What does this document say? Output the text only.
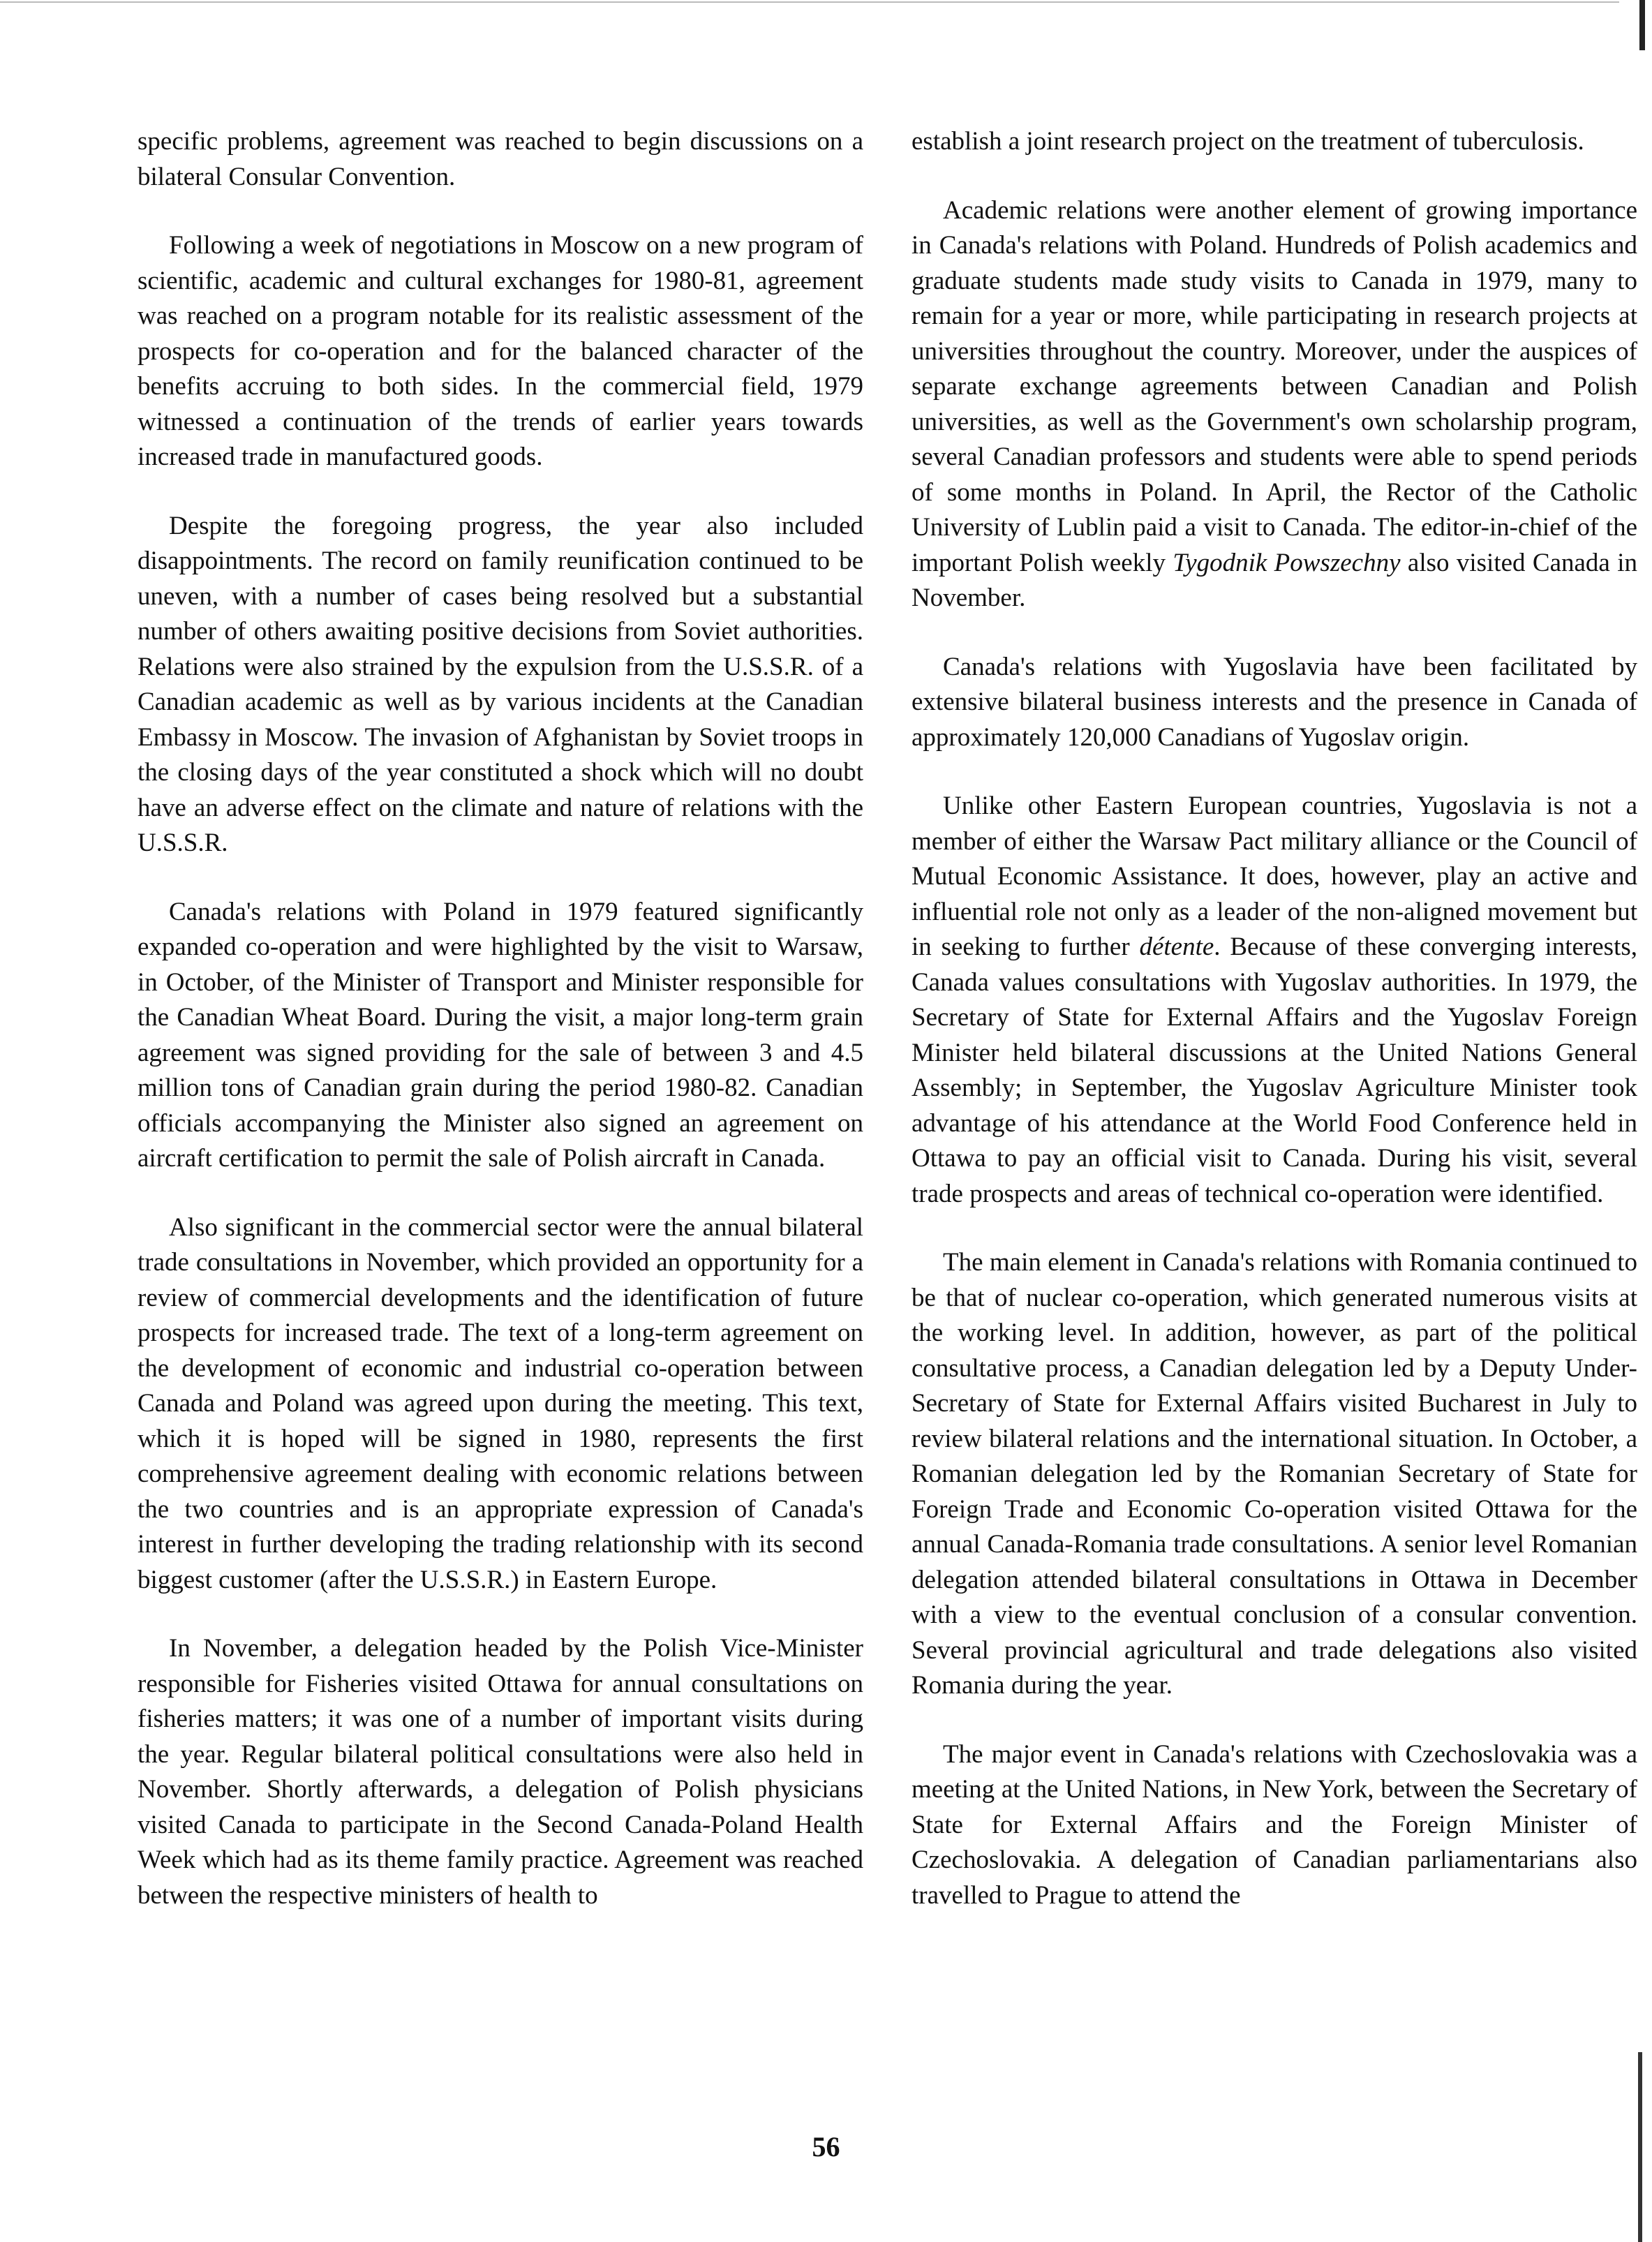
specific problems, agreement was reached to begin discussions on a bilateral Consular Convention.

Following a week of negotiations in Moscow on a new program of scientific, academic and cultural exchanges for 1980-81, agreement was reached on a program notable for its realistic assessment of the prospects for co-operation and for the balanced character of the benefits accruing to both sides. In the commercial field, 1979 witnessed a continuation of the trends of earlier years towards increased trade in manufactured goods.

Despite the foregoing progress, the year also included disappointments. The record on family reunification continued to be uneven, with a number of cases being resolved but a substantial number of others awaiting positive decisions from Soviet authorities. Relations were also strained by the expulsion from the U.S.S.R. of a Canadian academic as well as by various incidents at the Canadian Embassy in Moscow. The invasion of Afghanistan by Soviet troops in the closing days of the year constituted a shock which will no doubt have an adverse effect on the climate and nature of relations with the U.S.S.R.

Canada's relations with Poland in 1979 featured significantly expanded co-operation and were highlighted by the visit to Warsaw, in October, of the Minister of Transport and Minister responsible for the Canadian Wheat Board. During the visit, a major long-term grain agreement was signed providing for the sale of between 3 and 4.5 million tons of Canadian grain during the period 1980-82. Canadian officials accompanying the Minister also signed an agreement on aircraft certification to permit the sale of Polish aircraft in Canada.

Also significant in the commercial sector were the annual bilateral trade consultations in November, which provided an opportunity for a review of commercial developments and the identification of future prospects for increased trade. The text of a long-term agreement on the development of economic and industrial co-operation between Canada and Poland was agreed upon during the meeting. This text, which it is hoped will be signed in 1980, represents the first comprehensive agreement dealing with economic relations between the two countries and is an appropriate expression of Canada's interest in further developing the trading relationship with its second biggest customer (after the U.S.S.R.) in Eastern Europe.

In November, a delegation headed by the Polish Vice-Minister responsible for Fisheries visited Ottawa for annual consultations on fisheries matters; it was one of a number of important visits during the year. Regular bilateral political consultations were also held in November. Shortly afterwards, a delegation of Polish physicians visited Canada to participate in the Second Canada-Poland Health Week which had as its theme family practice. Agreement was reached between the respective ministers of health to

establish a joint research project on the treatment of tuberculosis.

Academic relations were another element of growing importance in Canada's relations with Poland. Hundreds of Polish academics and graduate students made study visits to Canada in 1979, many to remain for a year or more, while participating in research projects at universities throughout the country. Moreover, under the auspices of separate exchange agreements between Canadian and Polish universities, as well as the Government's own scholarship program, several Canadian professors and students were able to spend periods of some months in Poland. In April, the Rector of the Catholic University of Lublin paid a visit to Canada. The editor-in-chief of the important Polish weekly Tygodnik Powszechny also visited Canada in November.

Canada's relations with Yugoslavia have been facilitated by extensive bilateral business interests and the presence in Canada of approximately 120,000 Canadians of Yugoslav origin.

Unlike other Eastern European countries, Yugoslavia is not a member of either the Warsaw Pact military alliance or the Council of Mutual Economic Assistance. It does, however, play an active and influential role not only as a leader of the non-aligned movement but in seeking to further détente. Because of these converging interests, Canada values consultations with Yugoslav authorities. In 1979, the Secretary of State for External Affairs and the Yugoslav Foreign Minister held bilateral discussions at the United Nations General Assembly; in September, the Yugoslav Agriculture Minister took advantage of his attendance at the World Food Conference held in Ottawa to pay an official visit to Canada. During his visit, several trade prospects and areas of technical co-operation were identified.

The main element in Canada's relations with Romania continued to be that of nuclear co-operation, which generated numerous visits at the working level. In addition, however, as part of the political consultative process, a Canadian delegation led by a Deputy Under-Secretary of State for External Affairs visited Bucharest in July to review bilateral relations and the international situation. In October, a Romanian delegation led by the Romanian Secretary of State for Foreign Trade and Economic Co-operation visited Ottawa for the annual Canada-Romania trade consultations. A senior level Romanian delegation attended bilateral consultations in Ottawa in December with a view to the eventual conclusion of a consular convention. Several provincial agricultural and trade delegations also visited Romania during the year.

The major event in Canada's relations with Czechoslovakia was a meeting at the United Nations, in New York, between the Secretary of State for External Affairs and the Foreign Minister of Czechoslovakia. A delegation of Canadian parliamentarians also travelled to Prague to attend the

56
